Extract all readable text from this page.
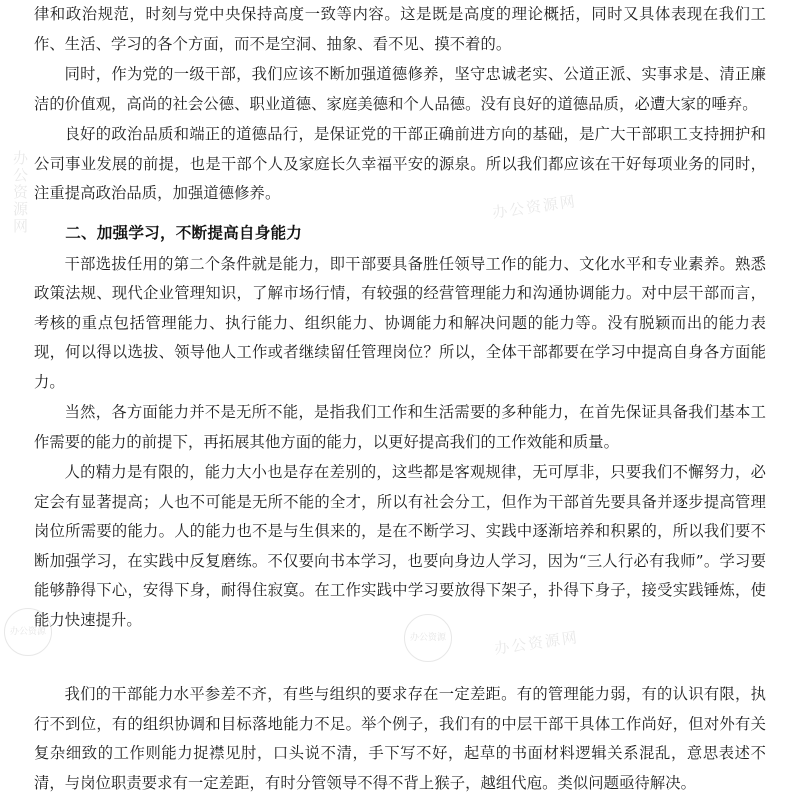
办公资源网	办公资源网
办公资源网
办公资源
办公资源

律和政治规范，时刻与党中央保持高度一致等内容。这是既是高度的理论概括，同时又具体表现在我们工作、生活、学习的各个方面，而不是空洞、抽象、看不见、摸不着的。

同时，作为党的一级干部，我们应该不断加强道德修养，坚守忠诚老实、公道正派、实事求是、清正廉洁的价值观，高尚的社会公德、职业道德、家庭美德和个人品德。没有良好的道德品质，必遭大家的唾弃。

良好的政治品质和端正的道德品行，是保证党的干部正确前进方向的基础，是广大干部职工支持拥护和公司事业发展的前提，也是干部个人及家庭长久幸福平安的源泉。所以我们都应该在干好每项业务的同时，注重提高政治品质，加强道德修养。

二、加强学习，不断提高自身能力

干部选拔任用的第二个条件就是能力，即干部要具备胜任领导工作的能力、文化水平和专业素养。熟悉政策法规、现代企业管理知识，了解市场行情，有较强的经营管理能力和沟通协调能力。对中层干部而言，考核的重点包括管理能力、执行能力、组织能力、协调能力和解决问题的能力等。没有脱颖而出的能力表现，何以得以选拔、领导他人工作或者继续留任管理岗位？所以，全体干部都要在学习中提高自身各方面能力。

当然，各方面能力并不是无所不能，是指我们工作和生活需要的多种能力，在首先保证具备我们基本工作需要的能力的前提下，再拓展其他方面的能力，以更好提高我们的工作效能和质量。

人的精力是有限的，能力大小也是存在差别的，这些都是客观规律，无可厚非，只要我们不懈努力，必定会有显著提高；人也不可能是无所不能的全才，所以有社会分工，但作为干部首先要具备并逐步提高管理岗位所需要的能力。人的能力也不是与生俱来的，是在不断学习、实践中逐渐培养和积累的，所以我们要不断加强学习，在实践中反复磨练。不仅要向书本学习，也要向身边人学习，因为“三人行必有我师”。学习要能够静得下心，安得下身，耐得住寂寞。在工作实践中学习要放得下架子，扑得下身子，接受实践锤炼，使能力快速提升。

我们的干部能力水平参差不齐，有些与组织的要求存在一定差距。有的管理能力弱，有的认识有限，执行不到位，有的组织协调和目标落地能力不足。举个例子，我们有的中层干部干具体工作尚好，但对外有关复杂细致的工作则能力捉襟见肘，口头说不清，手下写不好，起草的书面材料逻辑关系混乱，意思表述不清，与岗位职责要求有一定差距，有时分管领导不得不背上猴子，越组代庖。类似问题亟待解决。
